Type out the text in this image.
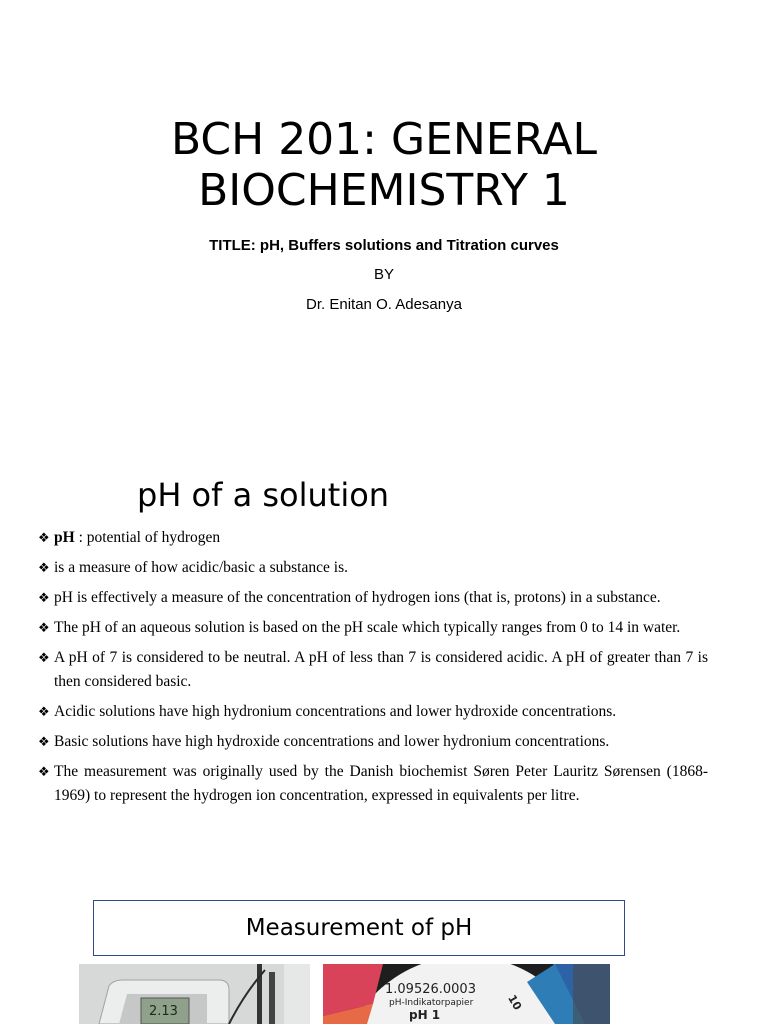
BCH 201: GENERAL
BIOCHEMISTRY 1
TITLE: pH, Buffers solutions and Titration curves
BY
Dr. Enitan O. Adesanya
pH of a solution
❖ pH : potential of hydrogen
❖ is a measure of how acidic/basic a substance is.
❖ pH is effectively a measure of the concentration of hydrogen ions (that is, protons) in a substance.
❖ The pH of an aqueous solution is based on the pH scale which typically ranges from 0 to 14 in water.
❖ A pH of 7 is considered to be neutral. A pH of less than 7 is considered acidic. A pH of greater than 7 is then considered basic.
❖ Acidic solutions have high hydronium concentrations and lower hydroxide concentrations.
❖ Basic solutions have high hydroxide concentrations and lower hydronium concentrations.
❖ The measurement was originally used by the Danish biochemist Søren Peter Lauritz Sørensen (1868-1969) to represent the hydrogen ion concentration, expressed in equivalents per litre.
Measurement of pH
2.13
1.09526.0003
pH-Indikatorpapier
pH 1
10
